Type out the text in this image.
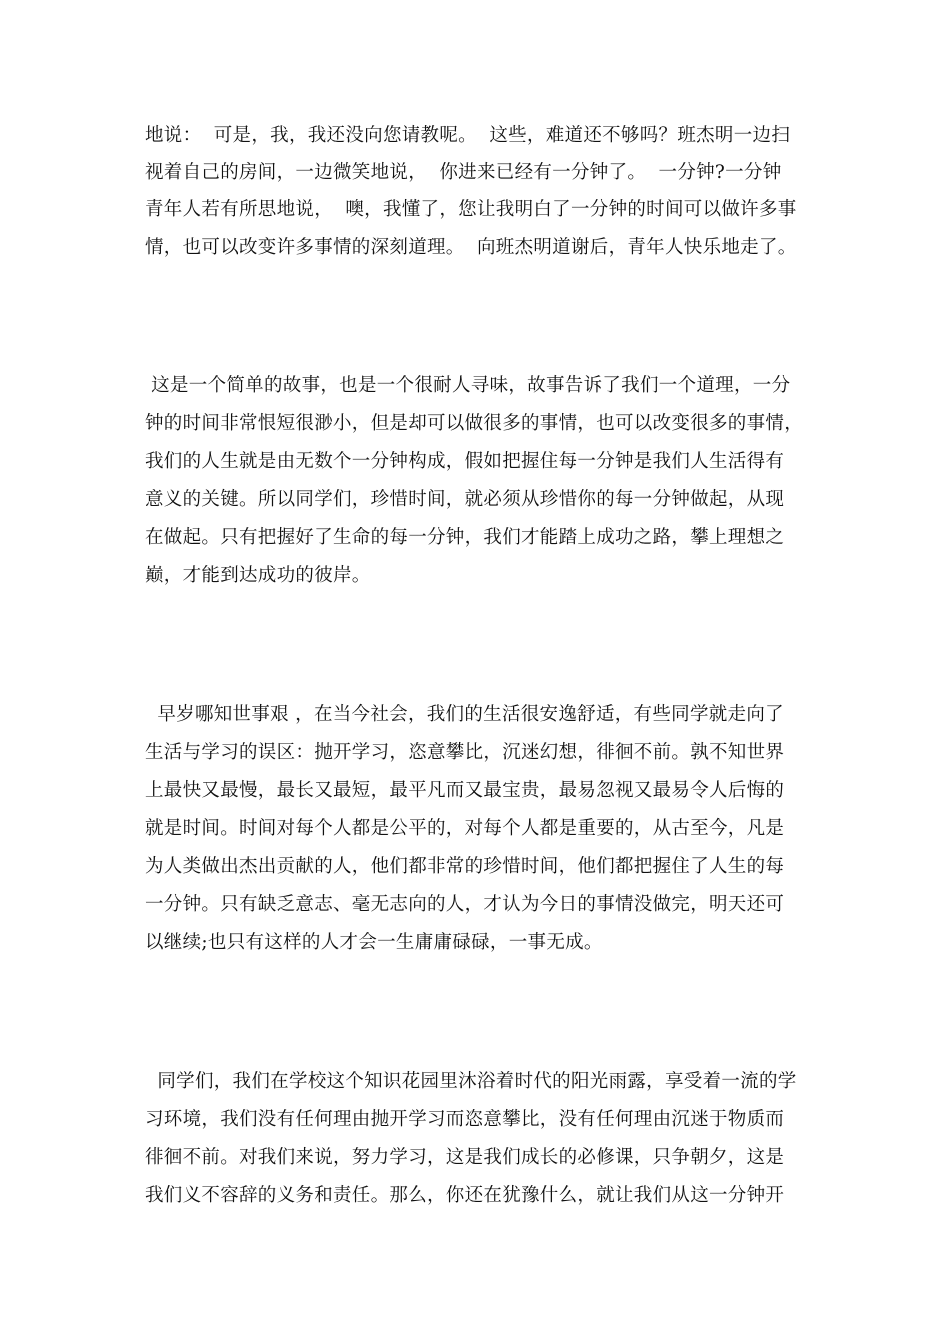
地说：  可是，我，我还没向您请教呢。  这些，难道还不够吗？班杰明一边扫

视着自己的房间，一边微笑地说，  你进来已经有一分钟了。  一分钟?一分钟

青年人若有所思地说，  噢，我懂了，您让我明白了一分钟的时间可以做许多事

情，也可以改变许多事情的深刻道理。  向班杰明道谢后，青年人快乐地走了。

这是一个简单的故事，也是一个很耐人寻味，故事告诉了我们一个道理，一分

钟的时间非常恨短很渺小，但是却可以做很多的事情，也可以改变很多的事情，

我们的人生就是由无数个一分钟构成，假如把握住每一分钟是我们人生活得有

意义的关键。所以同学们，珍惜时间，就必须从珍惜你的每一分钟做起，从现

在做起。只有把握好了生命的每一分钟，我们才能踏上成功之路，攀上理想之

巅，才能到达成功的彼岸。

早岁哪知世事艰 ，在当今社会，我们的生活很安逸舒适，有些同学就走向了

生活与学习的误区：抛开学习，恣意攀比，沉迷幻想，徘徊不前。孰不知世界

上最快又最慢，最长又最短，最平凡而又最宝贵，最易忽视又最易令人后悔的

就是时间。时间对每个人都是公平的，对每个人都是重要的，从古至今，凡是

为人类做出杰出贡献的人，他们都非常的珍惜时间，他们都把握住了人生的每

一分钟。只有缺乏意志、毫无志向的人，才认为今日的事情没做完，明天还可

以继续;也只有这样的人才会一生庸庸碌碌，一事无成。

同学们，我们在学校这个知识花园里沐浴着时代的阳光雨露，享受着一流的学

习环境，我们没有任何理由抛开学习而恣意攀比，没有任何理由沉迷于物质而

徘徊不前。对我们来说，努力学习，这是我们成长的必修课，只争朝夕，这是

我们义不容辞的义务和责任。那么，你还在犹豫什么，就让我们从这一分钟开
